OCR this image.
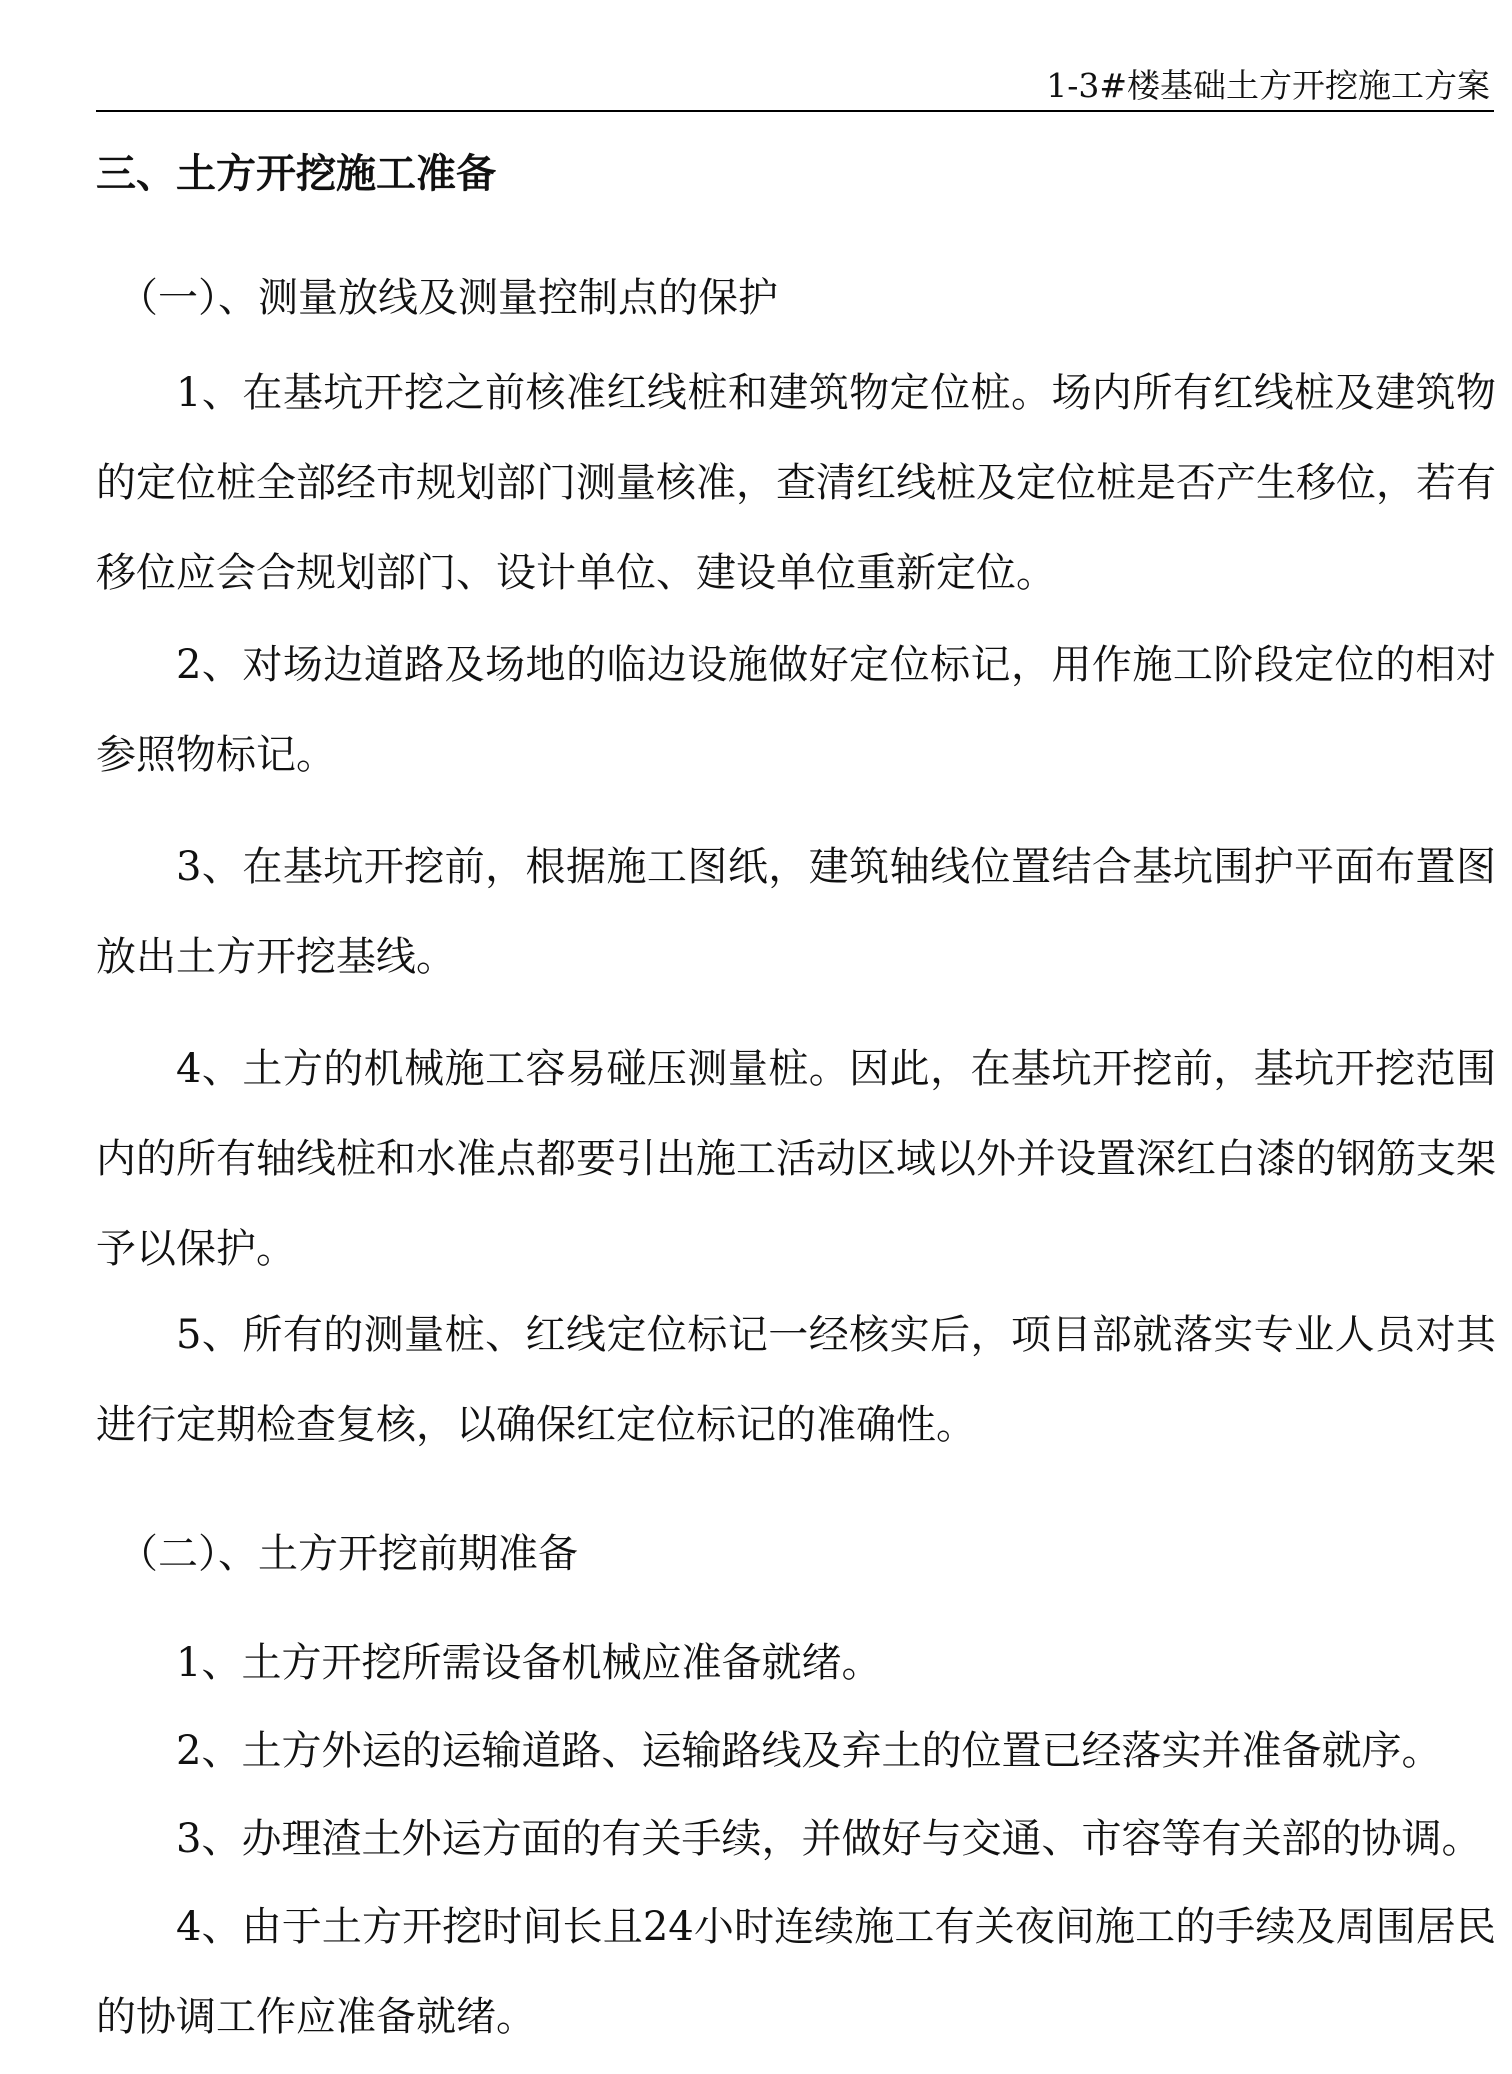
1-3#楼基础土方开挖施工方案
三、土方开挖施工准备
（一）、测量放线及测量控制点的保护

1、在基坑开挖之前核准红线桩和建筑物定位桩。场内所有红线桩及建筑物的定位桩全部经市规划部门测量核准，查清红线桩及定位桩是否产生移位，若有移位应会合规划部门、设计单位、建设单位重新定位。

2、对场边道路及场地的临边设施做好定位标记，用作施工阶段定位的相对参照物标记。

3、在基坑开挖前，根据施工图纸，建筑轴线位置结合基坑围护平面布置图放出土方开挖基线。

4、土方的机械施工容易碰压测量桩。因此，在基坑开挖前，基坑开挖范围内的所有轴线桩和水准点都要引出施工活动区域以外并设置深红白漆的钢筋支架予以保护。

5、所有的测量桩、红线定位标记一经核实后，项目部就落实专业人员对其进行定期检查复核，以确保红定位标记的准确性。

（二）、土方开挖前期准备

1、土方开挖所需设备机械应准备就绪。

2、土方外运的运输道路、运输路线及弃土的位置已经落实并准备就序。

3、办理渣土外运方面的有关手续，并做好与交通、市容等有关部的协调。

4、由于土方开挖时间长且24小时连续施工有关夜间施工的手续及周围居民的协调工作应准备就绪。
